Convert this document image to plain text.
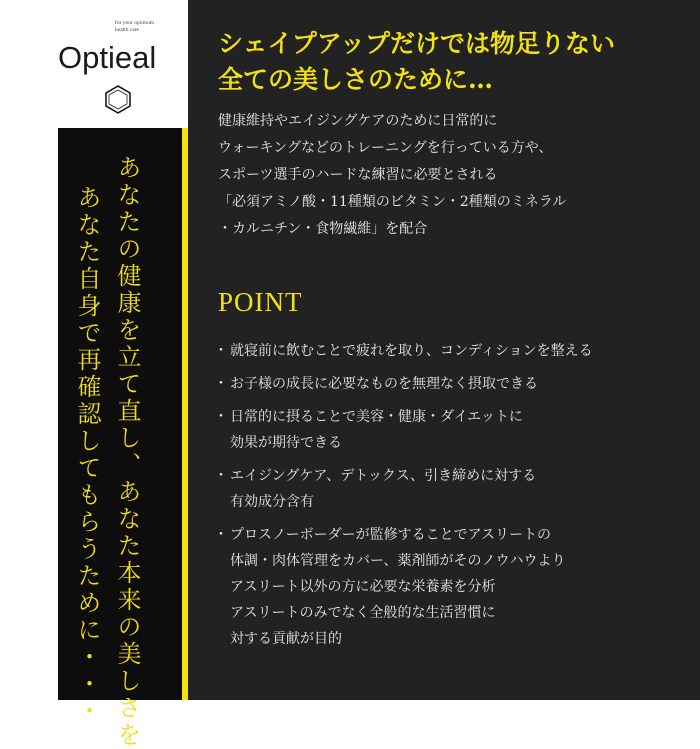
for your optimum
health care
Optieal
あなたの健康を立て直し、あなた本来の美しさを
あなた自身で再確認してもらうために・・・
シェイプアップだけでは物足りない
全ての美しさのために…
健康維持やエイジングケアのために日常的に
ウォーキングなどのトレーニングを行っている方や、
スポーツ選手のハードな練習に必要とされる
「必須アミノ酸・11種類のビタミン・2種類のミネラル
・カルニチン・食物繊維」を配合
POINT
・ 就寝前に飲むことで疲れを取り、コンディションを整える
・ お子様の成長に必要なものを無理なく摂取できる
・ 日常的に摂ることで美容・健康・ダイエットに
効果が期待できる
・ エイジングケア、デトックス、引き締めに対する
有効成分含有
・ プロスノーボーダーが監修することでアスリートの
体調・肉体管理をカバー、薬剤師がそのノウハウより
アスリート以外の方に必要な栄養素を分析
アスリートのみでなく全般的な生活習慣に
対する貢献が目的
